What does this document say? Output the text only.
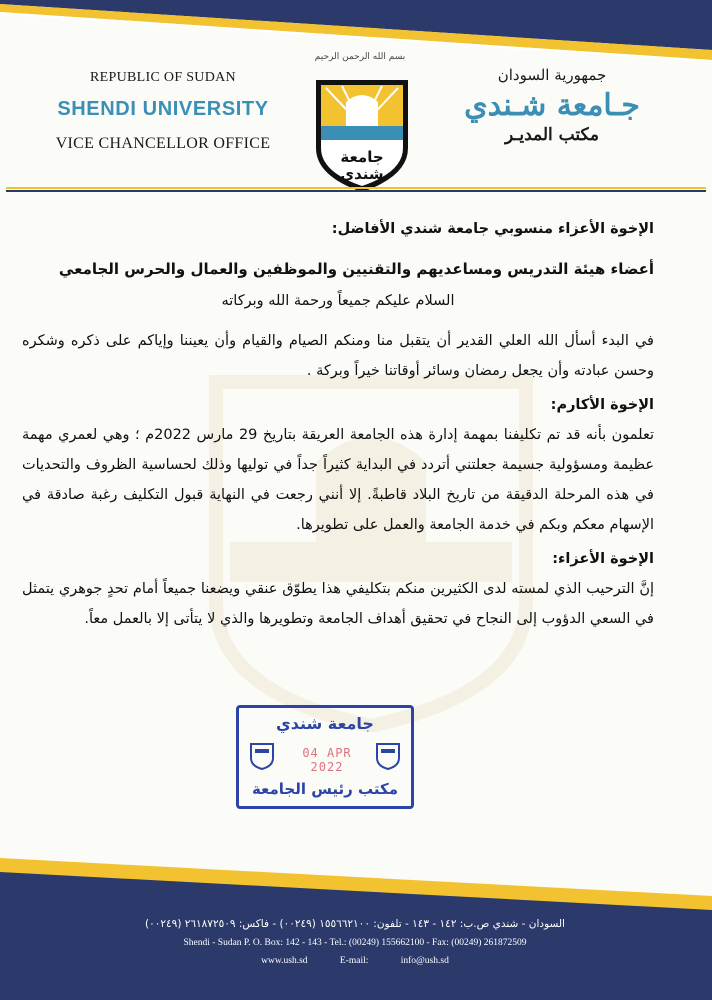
REPUBLIC OF SUDAN
SHENDI UNIVERSITY
VICE CHANCELLOR OFFICE
بسم الله الرحمن الرحيم
جامعة
شندي
جمهورية السودان
جـامعة شـندي
مكتب المديـر
الإخوة الأعزاء منسوبي جامعة شندي الأفاضل:
أعضاء هيئة التدريس ومساعديهم والتقنيين والموظفين والعمال والحرس الجامعي
السلام عليكم جميعاً ورحمة الله وبركاته
في البدء أسأل الله العلي القدير أن يتقبل منا ومنكم الصيام والقيام وأن يعيننا وإياكم على ذكره وشكره وحسن عبادته وأن يجعل رمضان وسائر أوقاتنا خيراً وبركة .
الإخوة الأكارم:
تعلمون بأنه قد تم تكليفنا بمهمة إدارة هذه الجامعة العريقة بتاريخ 29 مارس 2022م ؛ وهي لعمري مهمة عظيمة ومسؤولية جسيمة جعلتني أتردد في البداية كثيراً جداً في توليها وذلك لحساسية الظروف والتحديات في هذه المرحلة الدقيقة من تاريخ البلاد قاطبةً. إلا أنني رجعت في النهاية قبول التكليف رغبة صادقة في الإسهام معكم وبكم في خدمة الجامعة والعمل على تطويرها.
الإخوة الأعزاء:
إنَّ الترحيب الذي لمسته لدى الكثيرين منكم بتكليفي هذا يطوّق عنقي ويضعنا جميعاً أمام تحدٍ جوهري يتمثل في السعي الدؤوب إلى النجاح في تحقيق أهداف الجامعة وتطويرها والذي لا يتأتى إلا بالعمل معاً.
جامعة شندي
04 APR 2022
مكتب رئيس الجامعة
السودان - شندي ص.ب: ١٤٢ - ١٤٣ - تلفون: ١٥٥٦٦٢١٠٠ (٠٠٢٤٩) - فاكس: ٢٦١٨٧٢٥٠٩ (٠٠٢٤٩)
Shendi - Sudan P. O. Box: 142 - 143 - Tel.: (00249) 155662100 - Fax: (00249) 261872509
www.ush.sd	E-mail: info@ush.sd
